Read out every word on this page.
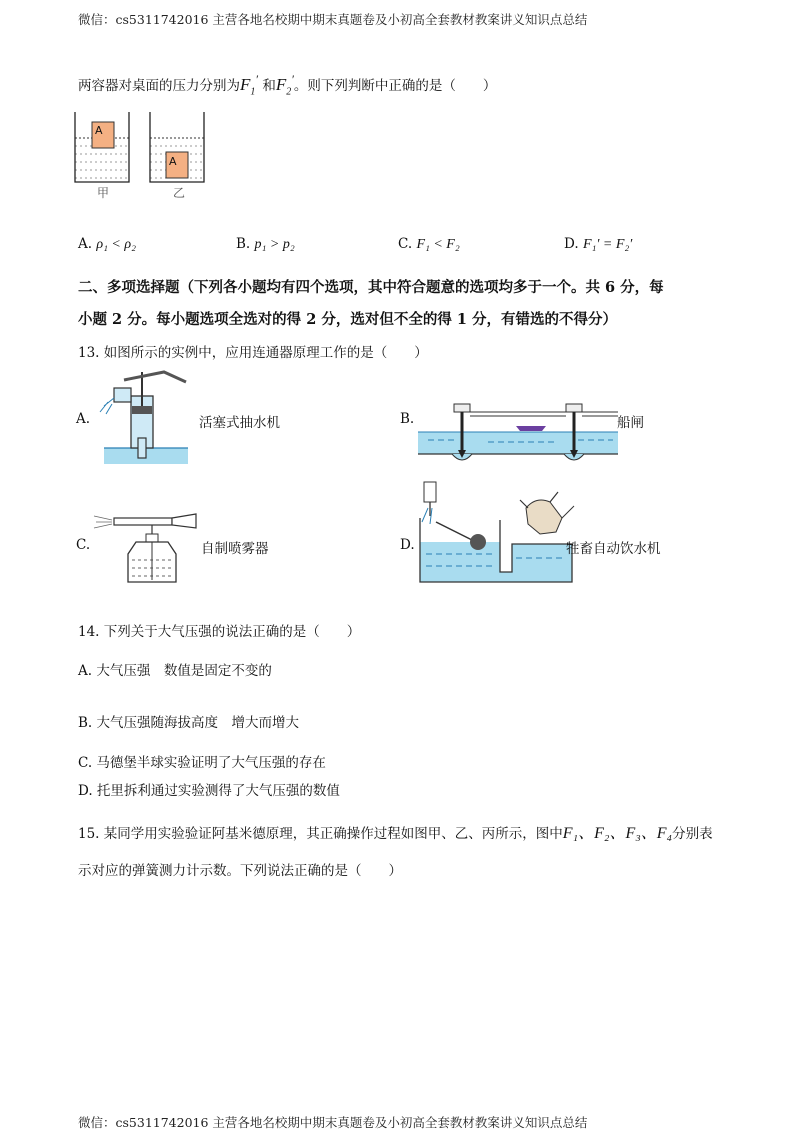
微信：cs5311742016 主营各地名校期中期末真题卷及小初高全套教材教案讲义知识点总结
两容器对桌面的压力分别为$F_1'$ 和$F_2'$。则下列判断中正确的是（　　）
A
A
甲	乙
A. ρ₁ < ρ₂	B. p₁ > p₂	C. F₁ < F₂	D. F₁′ = F₂′
二、多项选择题（下列各小题均有四个选项，其中符合题意的选项均多于一个。共 6 分，每
小题 2 分。每小题选项全选对的得 2 分，选对但不全的得 1 分，有错选的不得分）
13. 如图所示的实例中，应用连通器原理工作的是（　　）
A.	活塞式抽水机	B.	船闸
C.	自制喷雾器	D.	牲畜自动饮水机
14. 下列关于大气压强的说法正确的是（　　）
A. 大气压强　数值是固定不变的
B. 大气压强随海拔高度　增大而增大
C. 马德堡半球实验证明了大气压强的存在
D. 托里拆利通过实验测得了大气压强的数值
15. 某同学用实验验证阿基米德原理，其正确操作过程如图甲、乙、丙所示，图中F₁、F₂、F₃、F₄分别表
示对应的弹簧测力计示数。下列说法正确的是（　　）
微信：cs5311742016 主营各地名校期中期末真题卷及小初高全套教材教案讲义知识点总结
